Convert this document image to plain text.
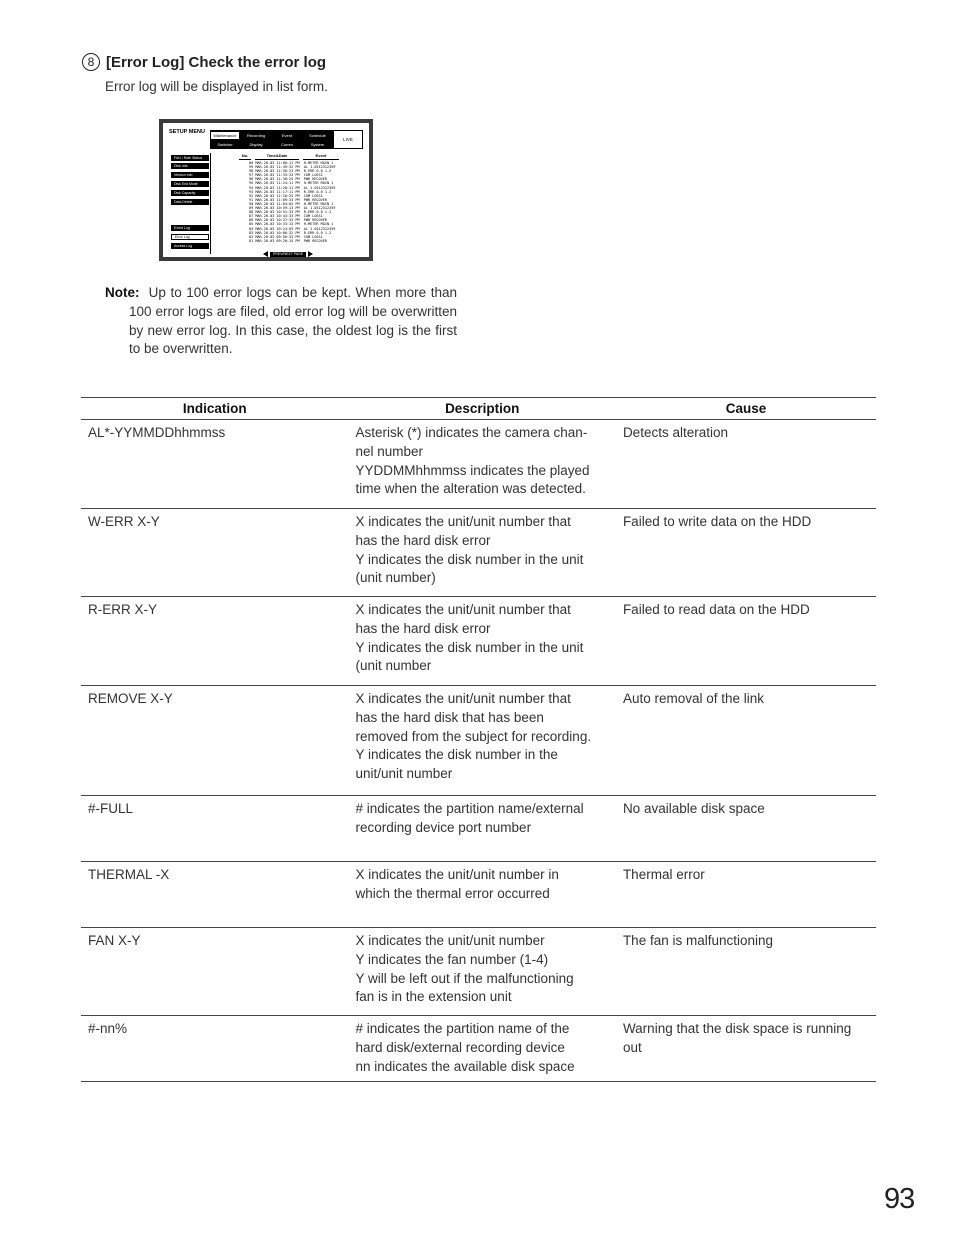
8 [Error Log] Check the error log
Error log will be displayed in list form.
SETUP MENU
Maintenance	Recording	Event	Schedule
Switcher	Display	Comm	System
LIVE
FAN / Rate Status
Disk Info
Version Info
Disk End Mode
Disk Capacity
Data Delete
Event Log
Error Log
Access Log
No.	Time&Date	Event
00 MAR.20.03 11:00:11 PM  H-METER MAIN 1
99 MAR.20.03 11:49:32 PM  AL 1-0312312359
98 MAR.20.03 11:36:23 PM  R-ERR 0-0 1-2
97 MAR.20.03 11:33:33 PM  COM LOSS1
96 MAR.20.03 11:30:25 PM  PWR RECOVER
95 MAR.20.03 11:24:11 PM  H-METER MAIN 1
94 MAR.20.03 11:20:11 PM  AL 1-0312312359
93 MAR.20.03 11:17:11 PM  R-ERR 0-0 1-2
92 MAR.20.03 11:16:25 PM  COM LOSS1
91 MAR.20.03 11:09:33 PM  PWR RECOVER
90 MAR.20.03 11:04:02 PM  H-METER MAIN 1
89 MAR.20.03 10:59:13 PM  AL 1-0312312359
88 MAR.20.03 10:51:33 PM  R-ERR 0-0 1-2
87 MAR.20.03 10:43:33 PM  COM LOSS1
86 MAR.20.03 10:37:33 PM  PWR RECOVER
85 MAR.20.03 10:33:13 PM  H-METER MAIN 1
84 MAR.20.03 10:24:03 PM  AL 1-0312312359
83 MAR.20.03 10:06:32 PM  R-ERR 0-0 1-2
82 MAR.20.03 09:56:33 PM  COM LOSS1
81 MAR.20.03 09:20:15 PM  PWR RECOVER
PREV/NEXT PAGE

Note: Up to 100 error logs can be kept. When more than 100 error logs are filed, old error log will be overwritten by new error log. In this case, the oldest log is the first to be overwritten.

Indication	Description	Cause
AL*-YYMMDDhhmmss	Asterisk (*) indicates the camera chan-
nel number
YYDDMMhhmmss indicates the played
time when the alteration was detected.	Detects alteration
W-ERR X-Y	X indicates the unit/unit number that
has the hard disk error
Y indicates the disk number in the unit
(unit number)	Failed to write data on the HDD
R-ERR X-Y	X indicates the unit/unit number that
has the hard disk error
Y indicates the disk number in the unit
(unit number	Failed to read data on the HDD
REMOVE X-Y	X indicates the unit/unit number that
has the hard disk that has been
removed from the subject for recording.
Y indicates the disk number in the
unit/unit number	Auto removal of the link
#-FULL	# indicates the partition name/external
recording device port number	No available disk space
THERMAL -X	X indicates the unit/unit number in
which the thermal error occurred	Thermal error
FAN X-Y	X indicates the unit/unit number
Y indicates the fan number (1-4)
Y will be left out if the malfunctioning
fan is in the extension unit	The fan is malfunctioning
#-nn%	# indicates the partition name of the
hard disk/external recording device
nn indicates the available disk space	Warning that the disk space is running out
93
